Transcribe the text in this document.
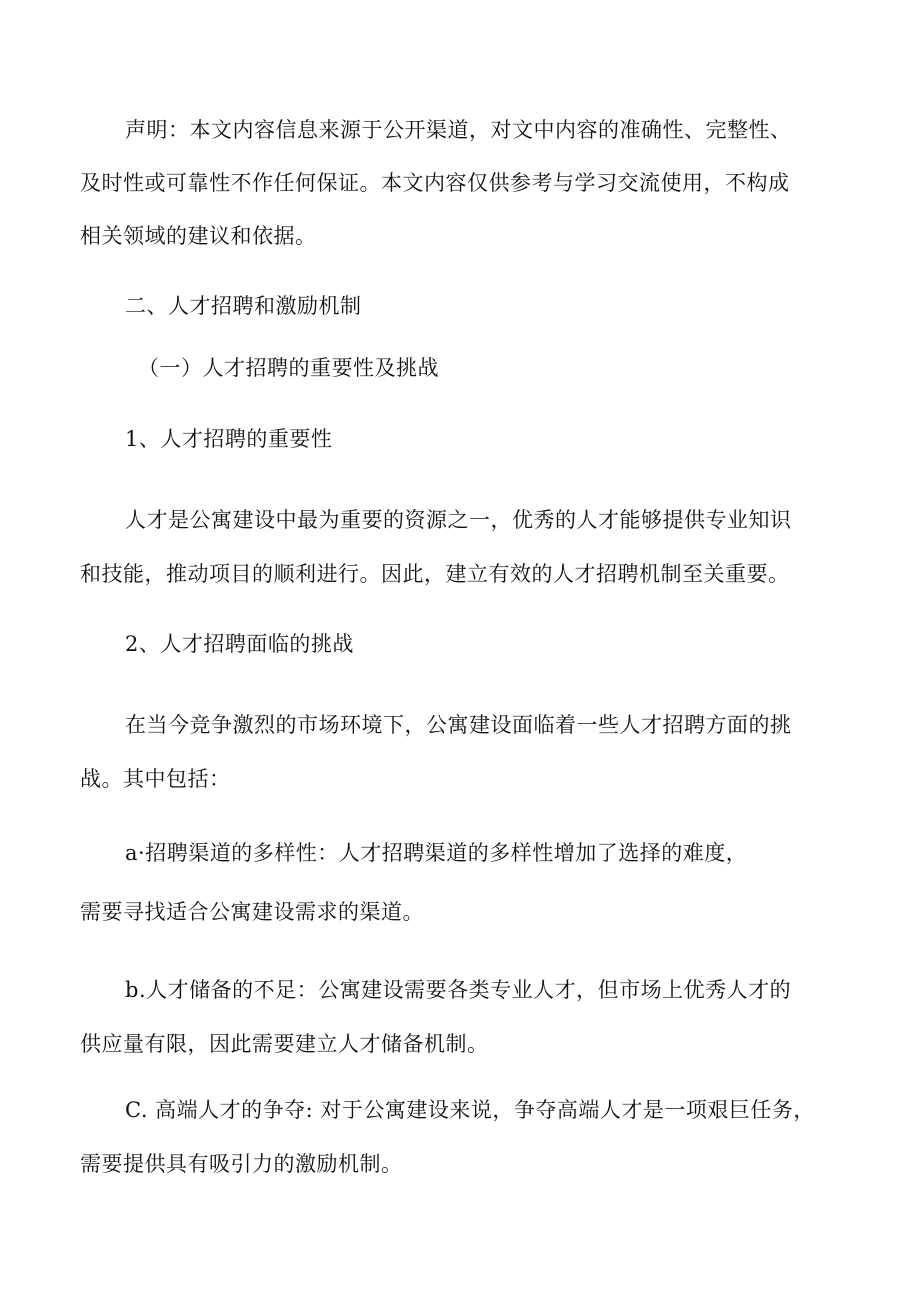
声明：本文内容信息来源于公开渠道，对文中内容的准确性、完整性、
及时性或可靠性不作任何保证。本文内容仅供参考与学习交流使用，不构成
相关领域的建议和依据。
二、人才招聘和激励机制
（一）人才招聘的重要性及挑战
1、人才招聘的重要性
人才是公寓建设中最为重要的资源之一，优秀的人才能够提供专业知识
和技能，推动项目的顺利进行。因此，建立有效的人才招聘机制至关重要。
2、人才招聘面临的挑战
在当今竞争激烈的市场环境下，公寓建设面临着一些人才招聘方面的挑
战。其中包括：
a·招聘渠道的多样性：人才招聘渠道的多样性增加了选择的难度，
需要寻找适合公寓建设需求的渠道。
b.人才储备的不足：公寓建设需要各类专业人才，但市场上优秀人才的
供应量有限，因此需要建立人才储备机制。
C. 高端人才的争夺: 对于公寓建设来说，争夺高端人才是一项艰巨任务，
需要提供具有吸引力的激励机制。
